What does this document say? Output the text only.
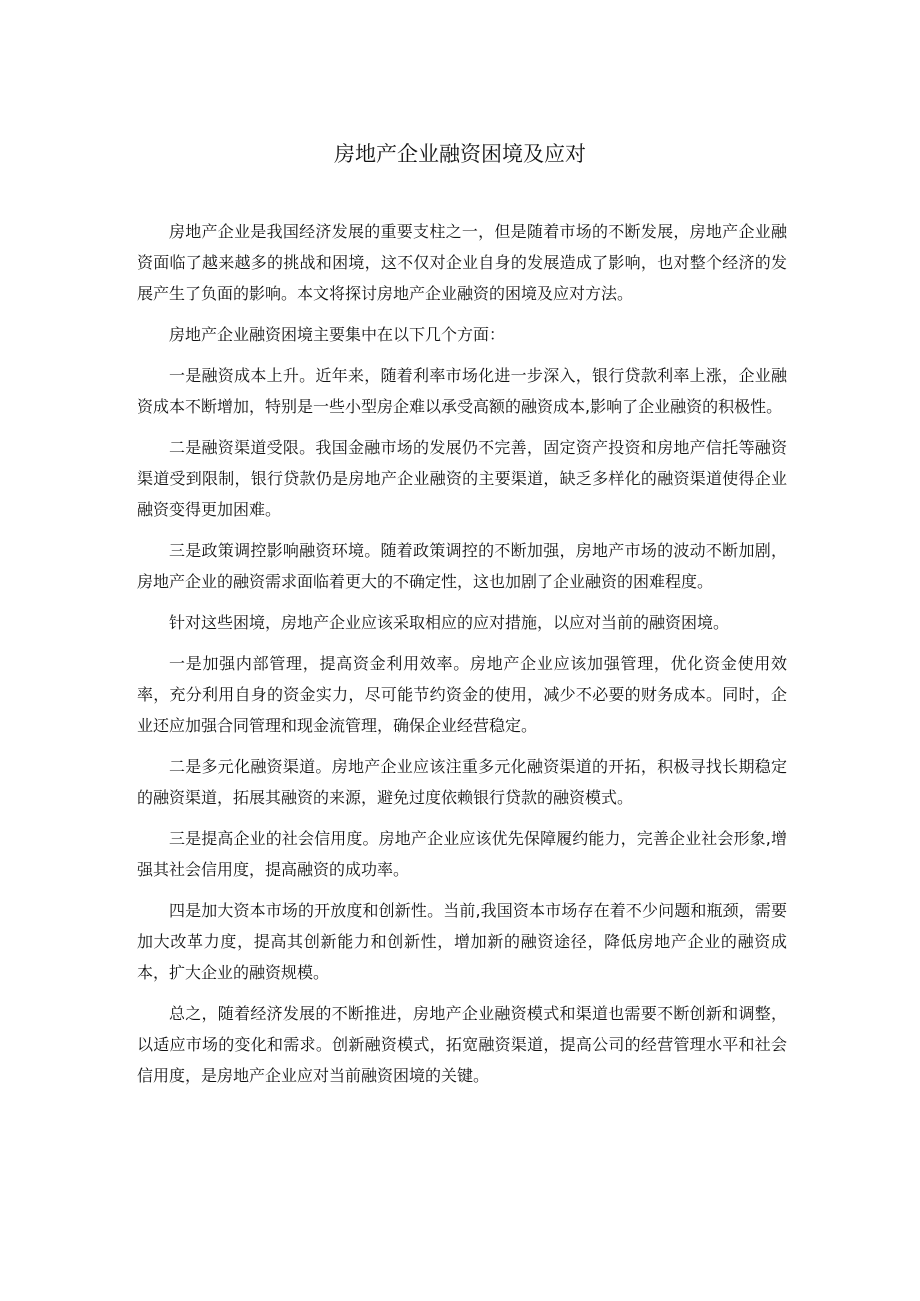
房地产企业融资困境及应对

房地产企业是我国经济发展的重要支柱之一，但是随着市场的不断发展，房地产企业融资面临了越来越多的挑战和困境，这不仅对企业自身的发展造成了影响，也对整个经济的发展产生了负面的影响。本文将探讨房地产企业融资的困境及应对方法。

房地产企业融资困境主要集中在以下几个方面：

一是融资成本上升。近年来，随着利率市场化进一步深入，银行贷款利率上涨，企业融资成本不断增加，特别是一些小型房企难以承受高额的融资成本,影响了企业融资的积极性。

二是融资渠道受限。我国金融市场的发展仍不完善，固定资产投资和房地产信托等融资渠道受到限制，银行贷款仍是房地产企业融资的主要渠道，缺乏多样化的融资渠道使得企业融资变得更加困难。

三是政策调控影响融资环境。随着政策调控的不断加强，房地产市场的波动不断加剧，房地产企业的融资需求面临着更大的不确定性，这也加剧了企业融资的困难程度。

针对这些困境，房地产企业应该采取相应的应对措施，以应对当前的融资困境。

一是加强内部管理，提高资金利用效率。房地产企业应该加强管理，优化资金使用效率，充分利用自身的资金实力，尽可能节约资金的使用，减少不必要的财务成本。同时，企业还应加强合同管理和现金流管理，确保企业经营稳定。

二是多元化融资渠道。房地产企业应该注重多元化融资渠道的开拓，积极寻找长期稳定的融资渠道，拓展其融资的来源，避免过度依赖银行贷款的融资模式。

三是提高企业的社会信用度。房地产企业应该优先保障履约能力，完善企业社会形象,增强其社会信用度，提高融资的成功率。

四是加大资本市场的开放度和创新性。当前,我国资本市场存在着不少问题和瓶颈，需要加大改革力度，提高其创新能力和创新性，增加新的融资途径，降低房地产企业的融资成本，扩大企业的融资规模。

总之，随着经济发展的不断推进，房地产企业融资模式和渠道也需要不断创新和调整，以适应市场的变化和需求。创新融资模式，拓宽融资渠道，提高公司的经营管理水平和社会信用度，是房地产企业应对当前融资困境的关键。
